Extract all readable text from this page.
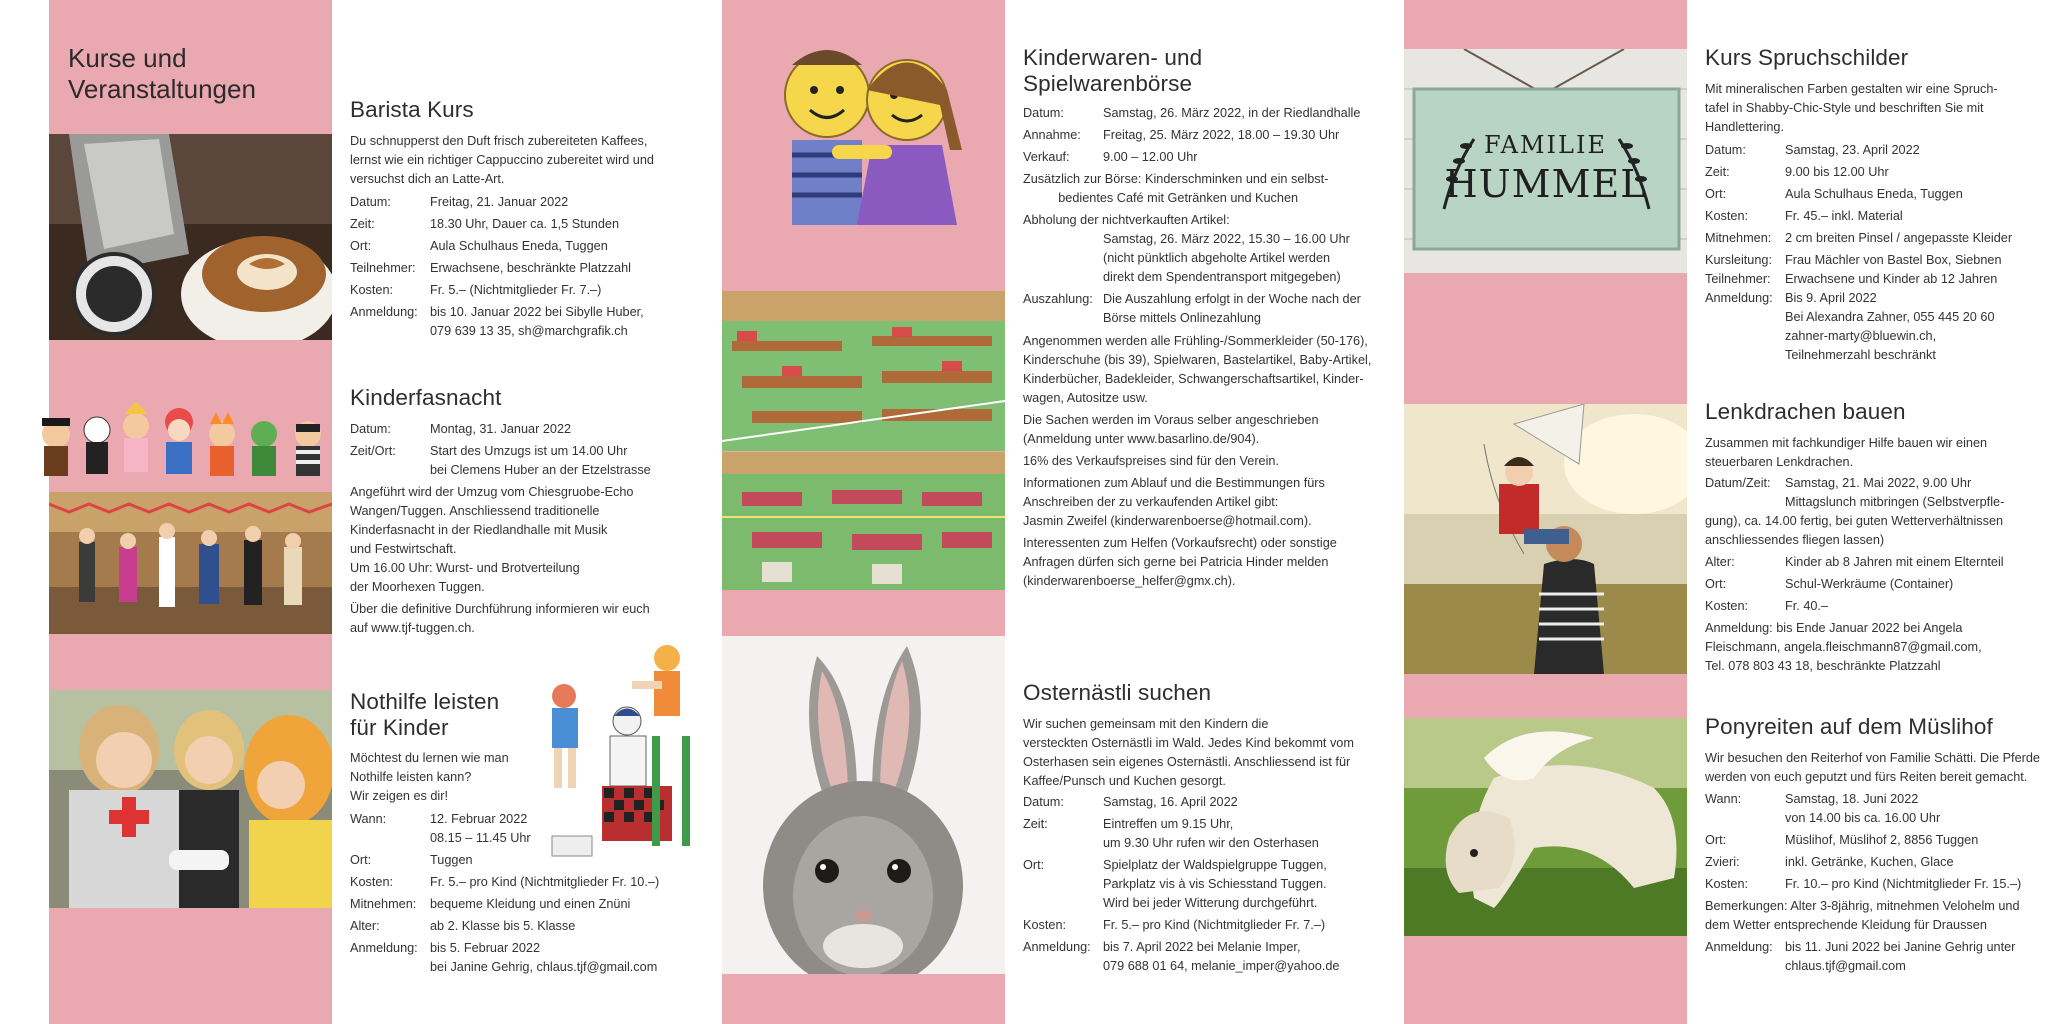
Kurse und
Veranstaltungen
Barista Kurs
Du schnupperst den Duft frisch zubereiteten Kaffees,
lernst wie ein richtiger Cappuccino zubereitet wird und
versuchst dich an Latte-Art.
Datum:	Freitag, 21. Januar 2022
Zeit:	18.30 Uhr, Dauer ca. 1,5 Stunden
Ort:	Aula Schulhaus Eneda, Tuggen
Teilnehmer:	Erwachsene, beschränkte Platzzahl
Kosten:	Fr. 5.– (Nichtmitglieder Fr. 7.–)
Anmeldung: bis 10. Januar 2022 bei Sibylle Huber,
079 639 13 35, sh@marchgrafik.ch
Kinderfasnacht
Datum:	Montag, 31. Januar 2022
Zeit/Ort:	Start des Umzugs ist um 14.00 Uhr
bei Clemens Huber an der Etzelstrasse
Angeführt wird der Umzug vom Chiesgruobe-Echo
Wangen/Tuggen. Anschliessend traditionelle
Kinderfasnacht in der Riedlandhalle mit Musik
und Festwirtschaft.
Um 16.00 Uhr: Wurst- und Brotverteilung
der Moorhexen Tuggen.
Über die definitive Durchführung informieren wir euch
auf www.tjf-tuggen.ch.
Nothilfe leisten
für Kinder
Möchtest du lernen wie man
Nothilfe leisten kann?
Wir zeigen es dir!
Wann:	12. Februar 2022
08.15 – 11.45 Uhr
Ort:	Tuggen
Kosten:	Fr. 5.– pro Kind (Nichtmitglieder Fr. 10.–)
Mitnehmen:	bequeme Kleidung und einen Znüni
Alter:	ab 2. Klasse bis 5. Klasse
Anmeldung: bis 5. Februar 2022
bei Janine Gehrig, chlaus.tjf@gmail.com
Kinderwaren- und
Spielwarenbörse
Datum:	Samstag, 26. März 2022, in der Riedlandhalle
Annahme:	Freitag, 25. März 2022, 18.00 – 19.30 Uhr
Verkauf:	9.00 – 12.00 Uhr
Zusätzlich zur Börse: Kinderschminken und ein selbst-
bedientes Café mit Getränken und Kuchen
Abholung der nichtverkauften Artikel:
Samstag, 26. März 2022, 15.30 – 16.00 Uhr
(nicht pünktlich abgeholte Artikel werden
direkt dem Spendentransport mitgegeben)
Auszahlung: Die Auszahlung erfolgt in der Woche nach der
Börse mittels Onlinezahlung
Angenommen werden alle Frühling-/Sommerkleider (50-176),
Kinderschuhe (bis 39), Spielwaren, Bastelartikel, Baby-Artikel,
Kinderbücher, Badekleider, Schwangerschaftsartikel, Kinder-
wagen, Autositze usw.
Die Sachen werden im Voraus selber angeschrieben
(Anmeldung unter www.basarlino.de/904).
16% des Verkaufspreises sind für den Verein.
Informationen zum Ablauf und die Bestimmungen fürs
Anschreiben der zu verkaufenden Artikel gibt:
Jasmin Zweifel (kinderwarenboerse@hotmail.com).
Interessenten zum Helfen (Vorkaufsrecht) oder sonstige
Anfragen dürfen sich gerne bei Patricia Hinder melden
(kinderwarenboerse_helfer@gmx.ch).
Osternästli suchen
Wir suchen gemeinsam mit den Kindern die
versteckten Osternästli im Wald. Jedes Kind bekommt vom
Osterhasen sein eigenes Osternästli. Anschliessend ist für
Kaffee/Punsch und Kuchen gesorgt.
Datum:	Samstag, 16. April 2022
Zeit:	Eintreffen um 9.15 Uhr,
um 9.30 Uhr rufen wir den Osterhasen
Ort:	Spielplatz der Waldspielgruppe Tuggen,
Parkplatz vis à vis Schiesstand Tuggen.
Wird bei jeder Witterung durchgeführt.
Kosten:	Fr. 5.– pro Kind (Nichtmitglieder Fr. 7.–)
Anmeldung: bis 7. April 2022 bei Melanie Imper,
079 688 01 64, melanie_imper@yahoo.de
FAMILIE
HUMMEL
Kurs Spruchschilder
Mit mineralischen Farben gestalten wir eine Spruch-
tafel in Shabby-Chic-Style und beschriften Sie mit
Handlettering.
Datum:	Samstag, 23. April 2022
Zeit:	9.00 bis 12.00 Uhr
Ort:	Aula Schulhaus Eneda, Tuggen
Kosten:	Fr. 45.– inkl. Material
Mitnehmen:	2 cm breiten Pinsel / angepasste Kleider
Kursleitung:	Frau Mächler von Bastel Box, Siebnen
Teilnehmer:	Erwachsene und Kinder ab 12 Jahren
Anmeldung: Bis 9. April 2022
Bei Alexandra Zahner, 055 445 20 60
zahner-marty@bluewin.ch,
Teilnehmerzahl beschränkt
Lenkdrachen bauen
Zusammen mit fachkundiger Hilfe bauen wir einen
steuerbaren Lenkdrachen.
Datum/Zeit:	Samstag, 21. Mai 2022, 9.00 Uhr
Mittagslunch mitbringen (Selbstverpfle-
gung), ca. 14.00 fertig, bei guten Wetterverhältnissen
anschliessendes fliegen lassen)
Alter:	Kinder ab 8 Jahren mit einem Elternteil
Ort:	Schul-Werkräume (Container)
Kosten:	Fr. 40.–
Anmeldung: bis Ende Januar 2022 bei Angela
Fleischmann, angela.fleischmann87@gmail.com,
Tel. 078 803 43 18, beschränkte Platzzahl
Ponyreiten auf dem Müslihof
Wir besuchen den Reiterhof von Familie Schätti. Die Pferde
werden von euch geputzt und fürs Reiten bereit gemacht.
Wann:	Samstag, 18. Juni 2022
von 14.00 bis ca. 16.00 Uhr
Ort:	Müslihof, Müslihof 2, 8856 Tuggen
Zvieri:	inkl. Getränke, Kuchen, Glace
Kosten:	Fr. 10.– pro Kind (Nichtmitglieder Fr. 15.–)
Bemerkungen: Alter 3-8jährig, mitnehmen Velohelm und
dem Wetter entsprechende Kleidung für Draussen
Anmeldung: bis 11. Juni 2022 bei Janine Gehrig unter
chlaus.tjf@gmail.com
